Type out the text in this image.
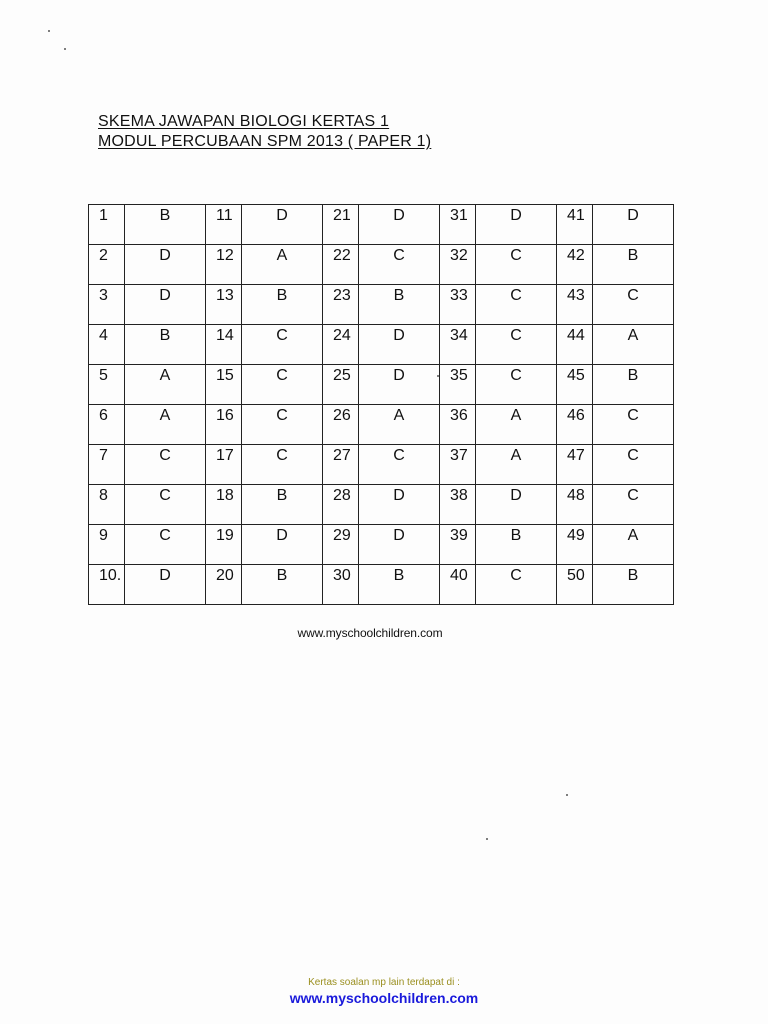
SKEMA JAWAPAN BIOLOGI KERTAS 1
MODUL PERCUBAAN SPM 2013 ( PAPER 1)
1	B	11	D	21	D	31	D	41	D

2	D	12	A	22	C	32	C	42	B

3	D	13	B	23	B	33	C	43	C

4	B	14	C	24	D	34	C	44	A

5	A	15	C	25	D	35	C	45	B

6	A	16	C	26	A	36	A	46	C

7	C	17	C	27	C	37	A	47	C

8	C	18	B	28	D	38	D	48	C

9	C	19	D	29	D	39	B	49	A

10.	D	20	B	30	B	40	C	50	B
www.myschoolchildren.com
Kertas soalan mp lain terdapat di :
www.myschoolchildren.com
